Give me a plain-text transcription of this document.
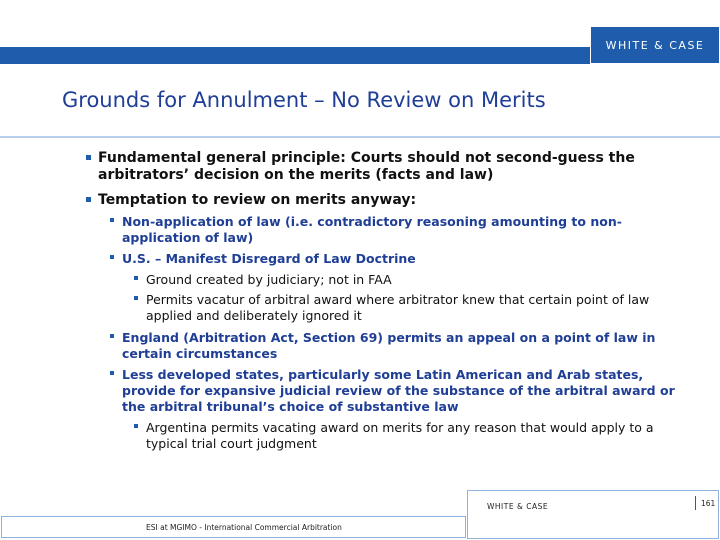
WHITE & CASE
Grounds for Annulment – No Review on Merits
Fundamental general principle: Courts should not second-guess the arbitrators’ decision on the merits (facts and law)
Temptation to review on merits anyway:
Non-application of law (i.e. contradictory reasoning amounting to non-application of law)
U.S. – Manifest Disregard of Law Doctrine
Ground created by judiciary; not in FAA
Permits vacatur of arbitral award where arbitrator knew that certain point of law applied and deliberately ignored it
England (Arbitration Act, Section 69) permits an appeal on a point of law in certain circumstances
Less developed states, particularly some Latin American and Arab states, provide for expansive judicial review of the substance of the arbitral award or the arbitral tribunal’s choice of substantive law
Argentina permits vacating award on merits for any reason that would apply to a typical trial court judgment
ESI at MGIMO - International Commercial Arbitration
WHITE & CASE	161
